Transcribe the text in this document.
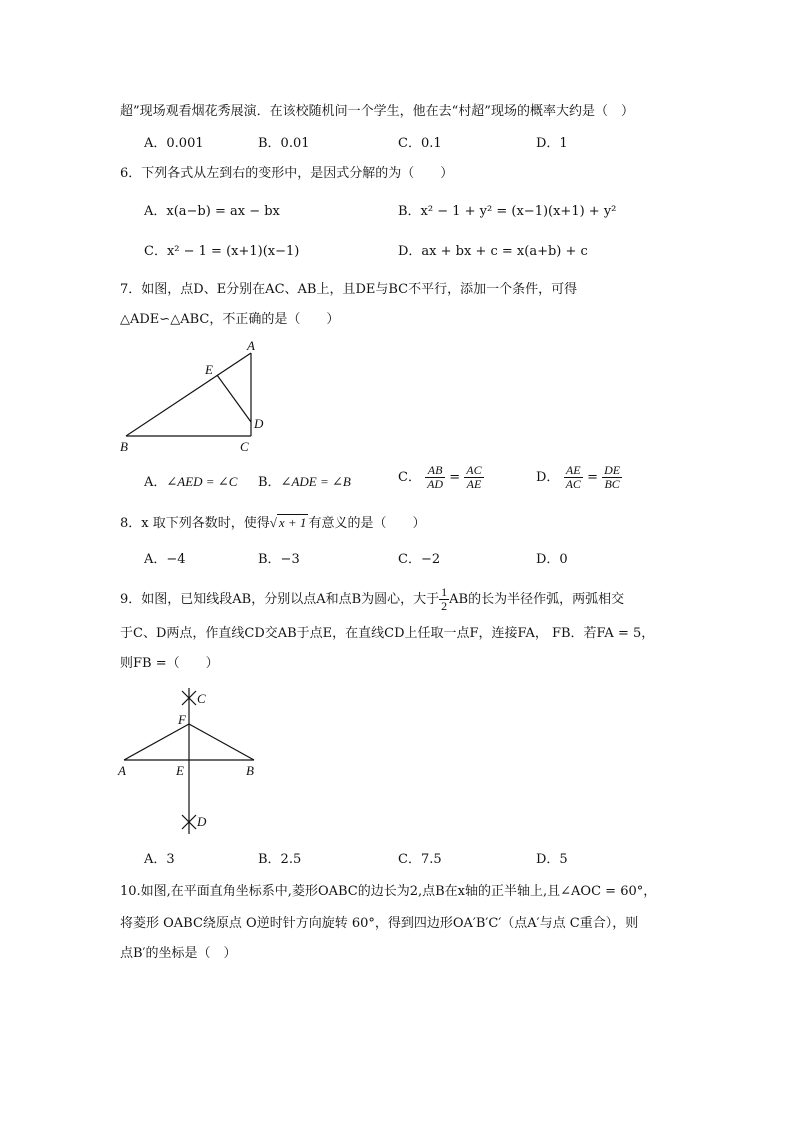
超”现场观看烟花秀展演．在该校随机问一个学生，他在去“村超”现场的概率大约是（　）
A．0.001	B．0.01	C．0.1	D．1
6．下列各式从左到右的变形中，是因式分解的为（　　）
A．x(a−b) = ax − bx	B．x² − 1 + y² = (x−1)(x+1) + y²
C．x² − 1 = (x+1)(x−1)	D．ax + bx + c = x(a+b) + c
7．如图，点D、E分别在AC、AB上，且DE与BC不平行，添加一个条件，可得
△ADE∽△ABC，不正确的是（　　）
A
E
D
B	C
A．∠AED = ∠C B．∠ADE = ∠B	C． $\frac{AB}{AD} = \frac{AC}{AE}$	D． $\frac{AE}{AC} = \frac{DE}{BC}$
8．x 取下列各数时，使得√ x + 1 有意义的是（　　）
A．−4	B．−3	C．−2	D．0
9．如图，已知线段AB，分别以点A和点B为圆心，大于 $\frac{1}{2}$ AB的长为半径作弧，两弧相交
于C、D两点，作直线CD交AB于点E，在直线CD上任取一点F，连接FA， FB．若FA = 5，
则FB =（　　）
C
F
A	E	B
D
A．3	B．2.5	C．7.5	D．5
10.如图,在平面直角坐标系中,菱形OABC的边长为2,点B在x轴的正半轴上,且∠AOC = 60°，
将菱形 OABC绕原点 O逆时针方向旋转 60°，得到四边形OA′B′C′（点A′与点 C重合），则
点B′的坐标是（　）
